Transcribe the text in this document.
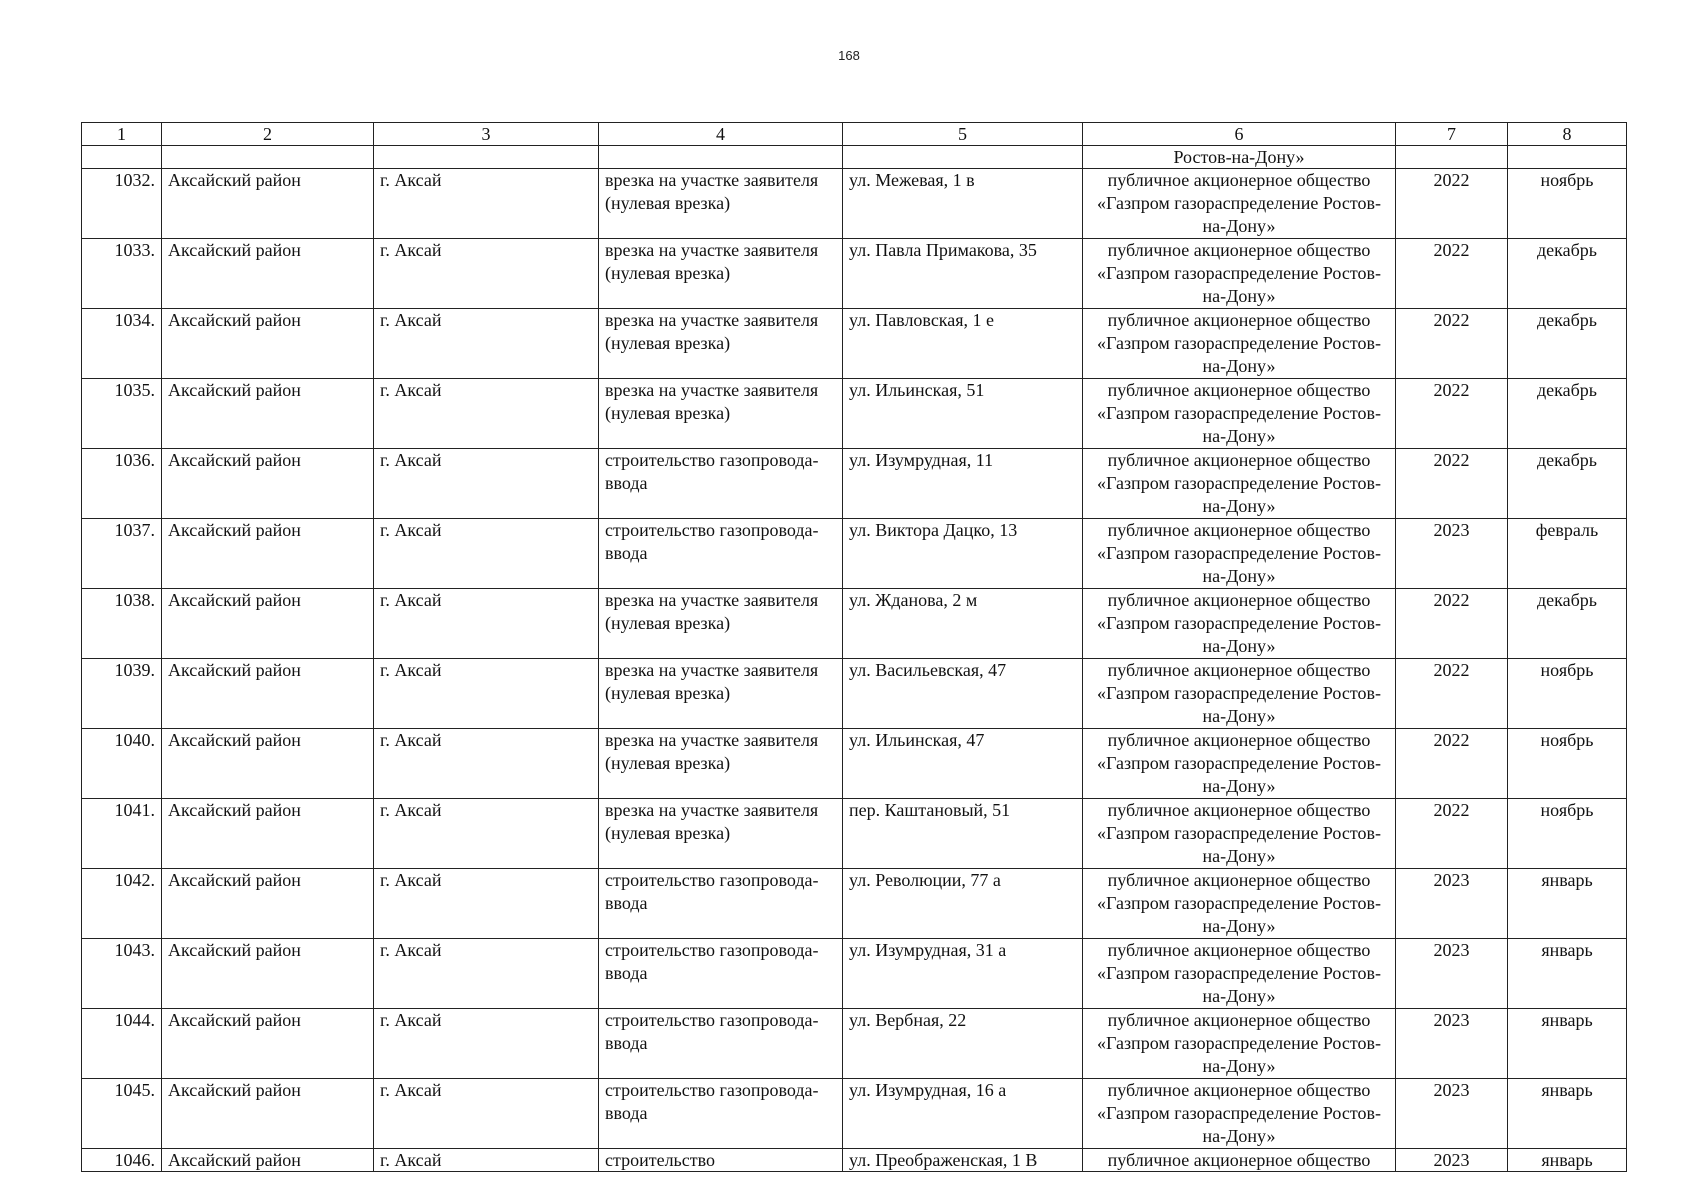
168
1	2	3	4	5	6	7	8
					Ростов-на-Дону»		
1032.	Аксайский район	г. Аксай	врезка на участке заявителя (нулевая врезка)	ул. Межевая, 1 в	публичное акционерное общество «Газпром газораспределение Ростов-на-Дону»	2022	ноябрь
1033.	Аксайский район	г. Аксай	врезка на участке заявителя (нулевая врезка)	ул. Павла Примакова, 35	публичное акционерное общество «Газпром газораспределение Ростов-на-Дону»	2022	декабрь
1034.	Аксайский район	г. Аксай	врезка на участке заявителя (нулевая врезка)	ул. Павловская, 1 е	публичное акционерное общество «Газпром газораспределение Ростов-на-Дону»	2022	декабрь
1035.	Аксайский район	г. Аксай	врезка на участке заявителя (нулевая врезка)	ул. Ильинская, 51	публичное акционерное общество «Газпром газораспределение Ростов-на-Дону»	2022	декабрь
1036.	Аксайский район	г. Аксай	строительство газопровода-ввода	ул. Изумрудная, 11	публичное акционерное общество «Газпром газораспределение Ростов-на-Дону»	2022	декабрь
1037.	Аксайский район	г. Аксай	строительство газопровода-ввода	ул. Виктора Дацко, 13	публичное акционерное общество «Газпром газораспределение Ростов-на-Дону»	2023	февраль
1038.	Аксайский район	г. Аксай	врезка на участке заявителя (нулевая врезка)	ул. Жданова, 2 м	публичное акционерное общество «Газпром газораспределение Ростов-на-Дону»	2022	декабрь
1039.	Аксайский район	г. Аксай	врезка на участке заявителя (нулевая врезка)	ул. Васильевская, 47	публичное акционерное общество «Газпром газораспределение Ростов-на-Дону»	2022	ноябрь
1040.	Аксайский район	г. Аксай	врезка на участке заявителя (нулевая врезка)	ул. Ильинская, 47	публичное акционерное общество «Газпром газораспределение Ростов-на-Дону»	2022	ноябрь
1041.	Аксайский район	г. Аксай	врезка на участке заявителя (нулевая врезка)	пер. Каштановый, 51	публичное акционерное общество «Газпром газораспределение Ростов-на-Дону»	2022	ноябрь
1042.	Аксайский район	г. Аксай	строительство газопровода-ввода	ул. Революции, 77 а	публичное акционерное общество «Газпром газораспределение Ростов-на-Дону»	2023	январь
1043.	Аксайский район	г. Аксай	строительство газопровода-ввода	ул. Изумрудная, 31 а	публичное акционерное общество «Газпром газораспределение Ростов-на-Дону»	2023	январь
1044.	Аксайский район	г. Аксай	строительство газопровода-ввода	ул. Вербная, 22	публичное акционерное общество «Газпром газораспределение Ростов-на-Дону»	2023	январь
1045.	Аксайский район	г. Аксай	строительство газопровода-ввода	ул. Изумрудная, 16 а	публичное акционерное общество «Газпром газораспределение Ростов-на-Дону»	2023	январь
1046.	Аксайский район	г. Аксай	строительство	ул. Преображенская, 1 В	публичное акционерное общество	2023	январь
